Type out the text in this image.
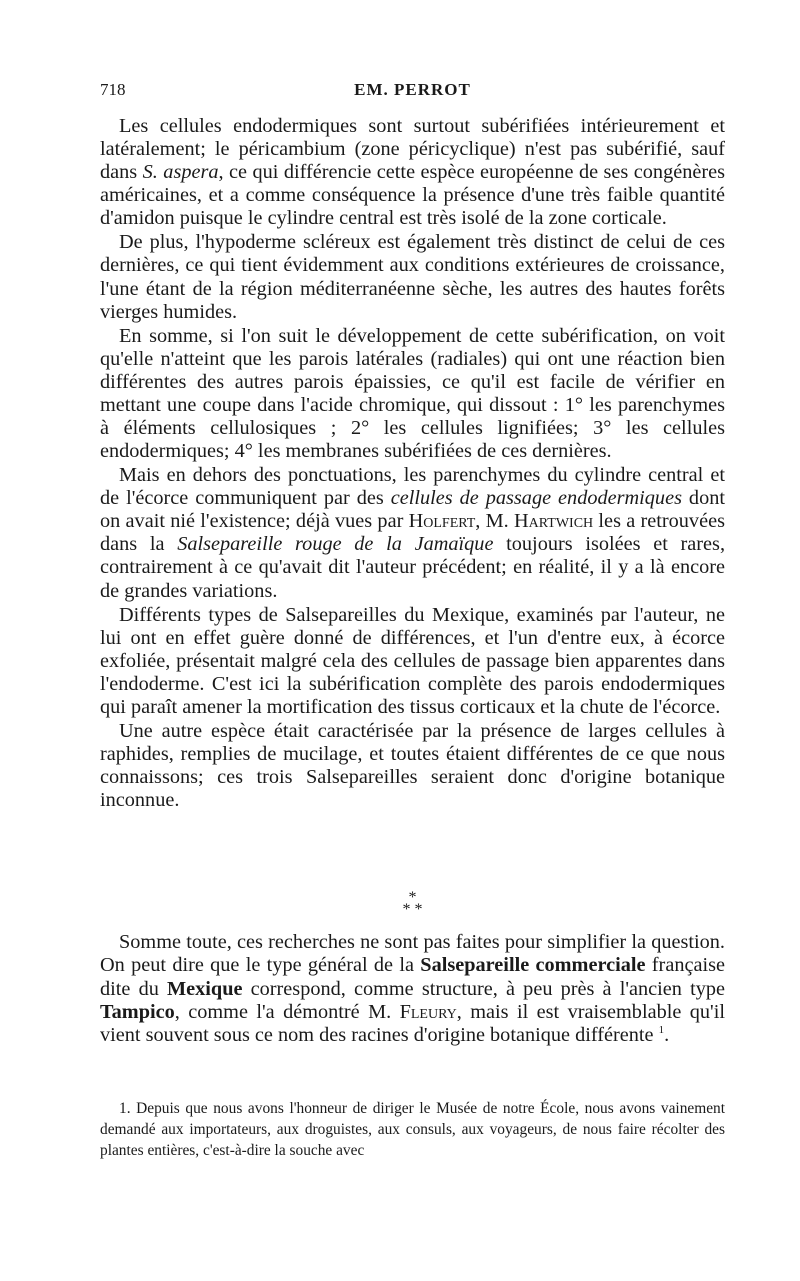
718	EM. PERROT

Les cellules endodermiques sont surtout subérifiées intérieurement et latéralement; le péricambium (zone péricyclique) n'est pas subérifié, sauf dans S. aspera, ce qui différencie cette espèce européenne de ses congénères américaines, et a comme conséquence la présence d'une très faible quantité d'amidon puisque le cylindre central est très isolé de la zone corticale.

De plus, l'hypoderme scléreux est également très distinct de celui de ces dernières, ce qui tient évidemment aux conditions extérieures de croissance, l'une étant de la région méditerranéenne sèche, les autres des hautes forêts vierges humides.

En somme, si l'on suit le développement de cette subérification, on voit qu'elle n'atteint que les parois latérales (radiales) qui ont une réaction bien différentes des autres parois épaissies, ce qu'il est facile de vérifier en mettant une coupe dans l'acide chromique, qui dissout : 1° les parenchymes à éléments cellulosiques ; 2° les cellules lignifiées; 3° les cellules endodermiques; 4° les membranes subérifiées de ces dernières.

Mais en dehors des ponctuations, les parenchymes du cylindre central et de l'écorce communiquent par des cellules de passage endodermiques dont on avait nié l'existence; déjà vues par Holfert, M. Hartwich les a retrouvées dans la Salsepareille rouge de la Jamaïque toujours isolées et rares, contrairement à ce qu'avait dit l'auteur précédent; en réalité, il y a là encore de grandes variations.

Différents types de Salsepareilles du Mexique, examinés par l'auteur, ne lui ont en effet guère donné de différences, et l'un d'entre eux, à écorce exfoliée, présentait malgré cela des cellules de passage bien apparentes dans l'endoderme. C'est ici la subérification complète des parois endodermiques qui paraît amener la mortification des tissus corticaux et la chute de l'écorce.

Une autre espèce était caractérisée par la présence de larges cellules à raphides, remplies de mucilage, et toutes étaient différentes de ce que nous connaissons; ces trois Salsepareilles seraient donc d'origine botanique inconnue.

*
* *

Somme toute, ces recherches ne sont pas faites pour simplifier la question. On peut dire que le type général de la Salsepareille commerciale française dite du Mexique correspond, comme structure, à peu près à l'ancien type Tampico, comme l'a démontré M. Fleury, mais il est vraisemblable qu'il vient souvent sous ce nom des racines d'origine botanique différente $^1$.

1. Depuis que nous avons l'honneur de diriger le Musée de notre École, nous avons vainement demandé aux importateurs, aux droguistes, aux consuls, aux voyageurs, de nous faire récolter des plantes entières, c'est-à-dire la souche avec
